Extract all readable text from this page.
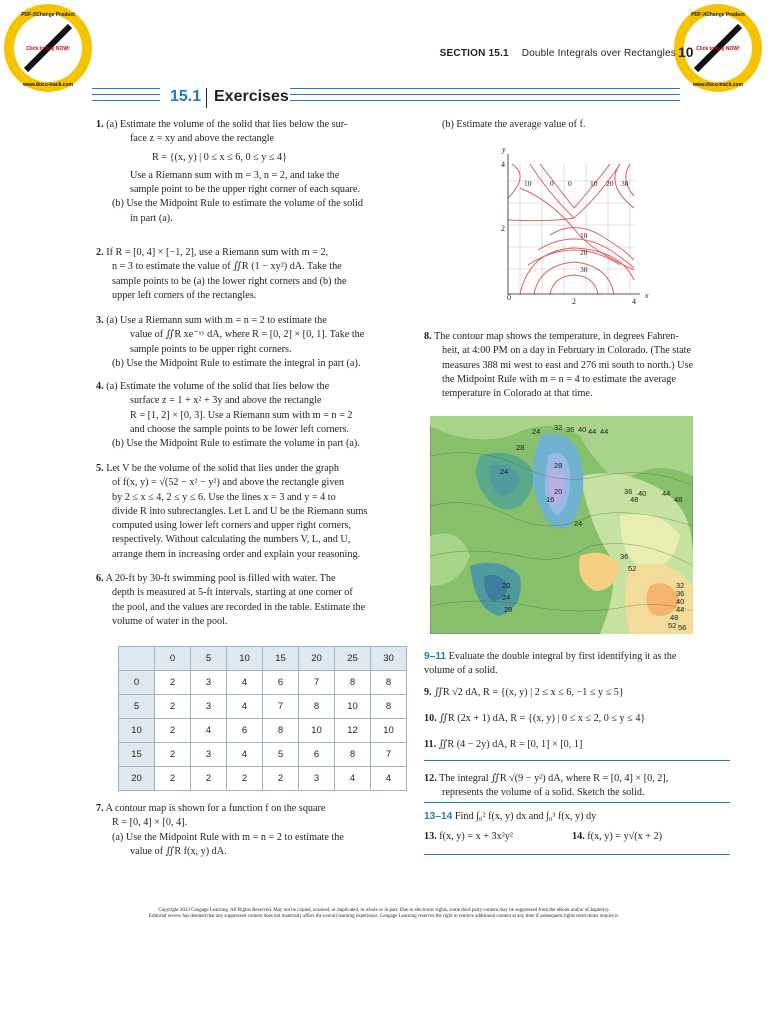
PDF-XChange Product
Click to buy NOW!
www.docu-track.com
PDF-XChange Product
Click to buy NOW!
www.docu-track.com
SECTION 15.1 Double Integrals over Rectangles 10
15.1 Exercises
1. (a) Estimate the volume of the solid that lies below the sur-
face z = xy and above the rectangle
R = {(x, y) | 0 ≤ x ≤ 6, 0 ≤ y ≤ 4}
Use a Riemann sum with m = 3, n = 2, and take the
sample point to be the upper right corner of each square.
(b) Use the Midpoint Rule to estimate the volume of the solid
in part (a).
2. If R = [0, 4] × [−1, 2], use a Riemann sum with m = 2,
n = 3 to estimate the value of ∬R (1 − xy²) dA. Take the
sample points to be (a) the lower right corners and (b) the
upper left corners of the rectangles.
3. (a) Use a Riemann sum with m = n = 2 to estimate the
value of ∬R xe⁻ˣʸ dA, where R = [0, 2] × [0, 1]. Take the
sample points to be upper right corners.
(b) Use the Midpoint Rule to estimate the integral in part (a).
4. (a) Estimate the volume of the solid that lies below the
surface z = 1 + x² + 3y and above the rectangle
R = [1, 2] × [0, 3]. Use a Riemann sum with m = n = 2
and choose the sample points to be lower left corners.
(b) Use the Midpoint Rule to estimate the volume in part (a).
5. Let V be the volume of the solid that lies under the graph
of f(x, y) = √(52 − x² − y²) and above the rectangle given
by 2 ≤ x ≤ 4, 2 ≤ y ≤ 6. Use the lines x = 3 and y = 4 to
divide R into subrectangles. Let L and U be the Riemann sums
computed using lower left corners and upper right corners,
respectively. Without calculating the numbers V, L, and U,
arrange them in increasing order and explain your reasoning.
6. A 20-ft by 30-ft swimming pool is filled with water. The
depth is measured at 5-ft intervals, starting at one corner of
the pool, and the values are recorded in the table. Estimate the
volume of water in the pool.
	0	5	10	15	20	25	30
0	2	3	4	6	7	8	8
5	2	3	4	7	8	10	8
10	2	4	6	8	10	12	10
15	2	3	4	5	6	8	7
20	2	2	2	2	3	4	4
7. A contour map is shown for a function f on the square
R = [0, 4] × [0, 4].
(a) Use the Midpoint Rule with m = n = 2 to estimate the
value of ∬R f(x, y) dA.
(b) Estimate the average value of f.
y
x
4
2
0	2	4
10 0 0 10 20 30
10
20
30
8. The contour map shows the temperature, in degrees Fahren-
heit, at 4:00 PM on a day in February in Colorado. (The state
measures 388 mi west to east and 276 mi south to north.) Use
the Midpoint Rule with m = n = 4 to estimate the average
temperature in Colorado at that time.
24
28
32 36 40 44 44
48
28
24
16
20
24
36 40 44
48
36
52
32
36
40
44
48
52 56
20
24
28
9–11 Evaluate the double integral by first identifying it as the
volume of a solid.
9. ∬R √2 dA, R = {(x, y) | 2 ≤ x ≤ 6, −1 ≤ y ≤ 5}
10. ∬R (2x + 1) dA, R = {(x, y) | 0 ≤ x ≤ 2, 0 ≤ y ≤ 4}
11. ∬R (4 − 2y) dA, R = [0, 1] × [0, 1]
12. The integral ∬R √(9 − y²) dA, where R = [0, 4] × [0, 2],
represents the volume of a solid. Sketch the solid.
13–14 Find ∫₀² f(x, y) dx and ∫₀³ f(x, y) dy
13. f(x, y) = x + 3x²y²	14. f(x, y) = y√(x + 2)
Copyright 2023 Cengage Learning. All Rights Reserved. May not be copied, scanned, or duplicated, in whole or in part. Due to electronic rights, some third party content may be suppressed from the eBook and/or eChapter(s).
Editorial review has deemed that any suppressed content does not materially affect the overall learning experience. Cengage Learning reserves the right to remove additional content at any time if subsequent rights restrictions require it.
